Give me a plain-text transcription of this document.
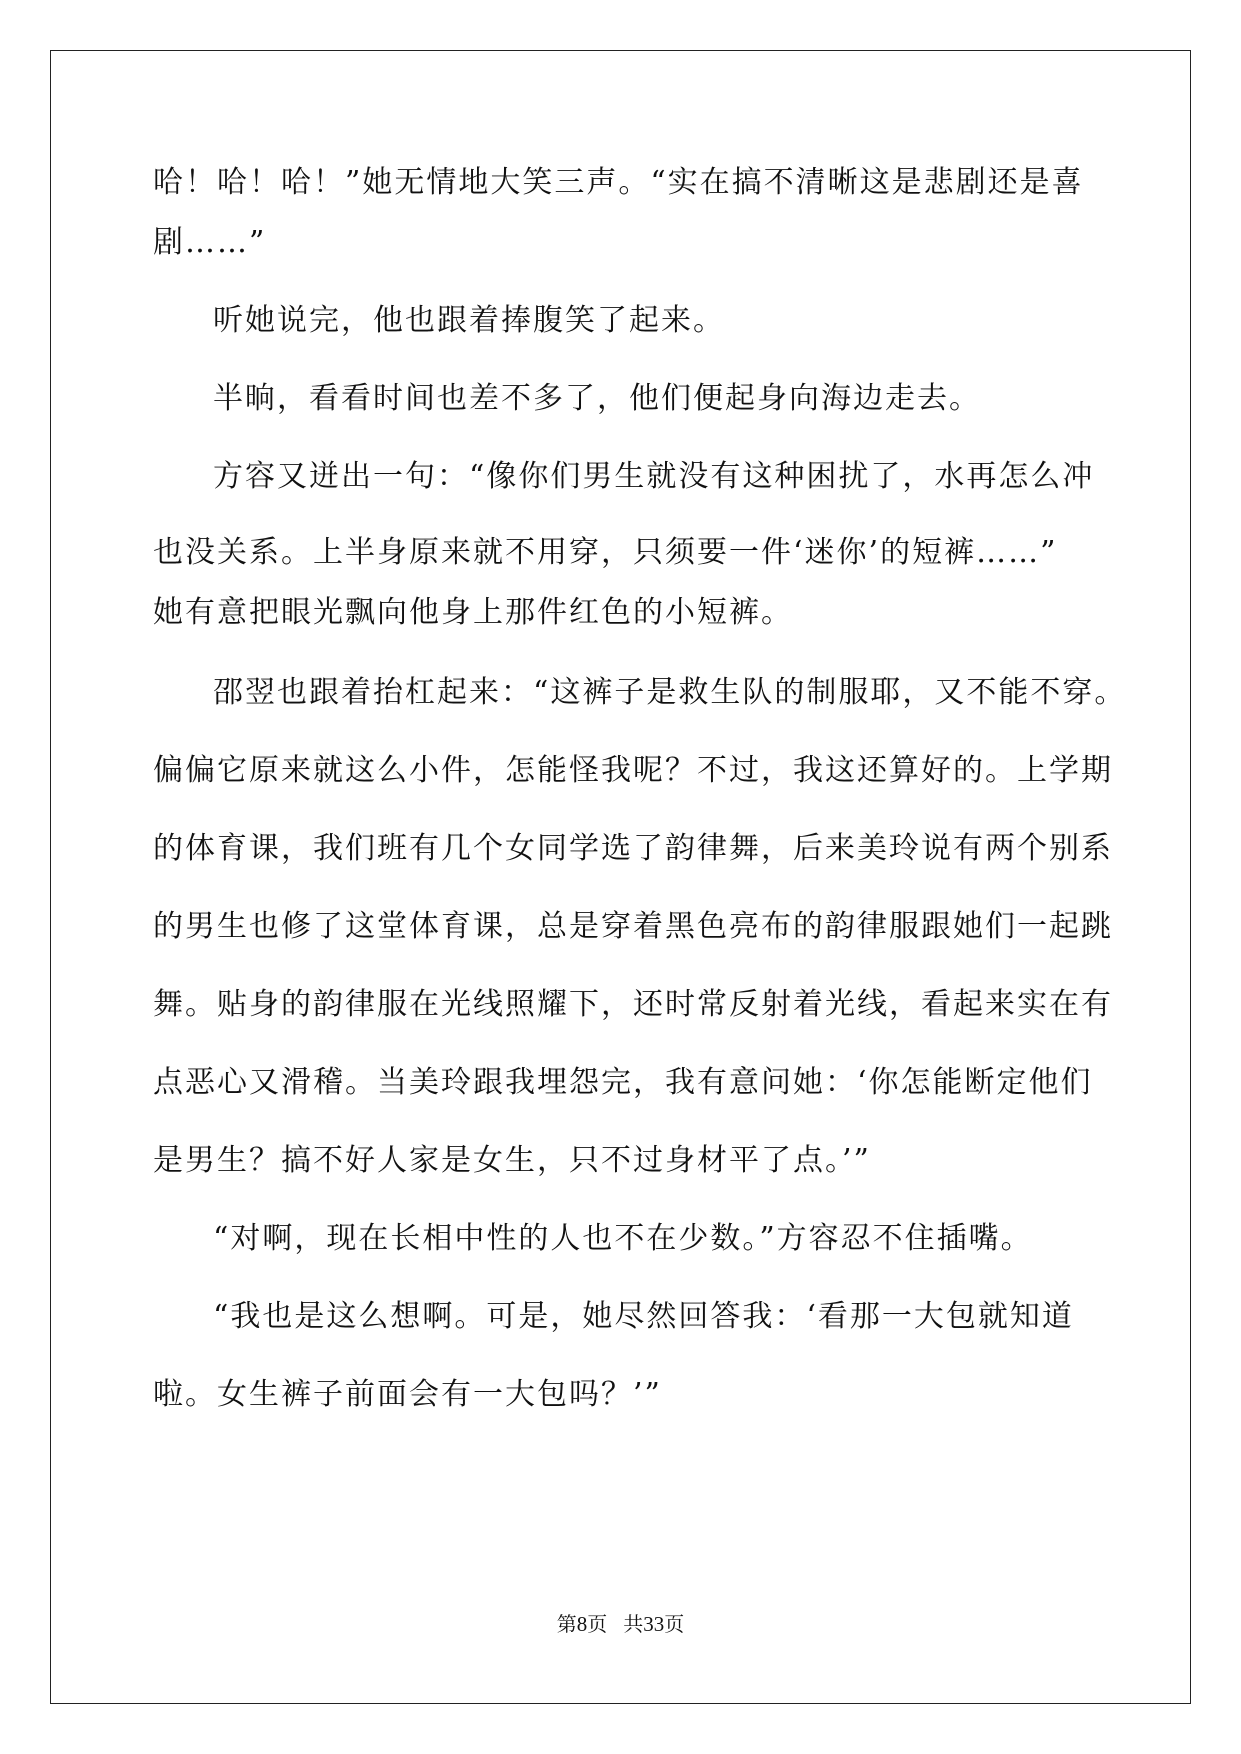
哈！哈！哈！”她无情地大笑三声。“实在搞不清晰这是悲剧还是喜
剧……”
听她说完，他也跟着捧腹笑了起来。
半晌，看看时间也差不多了，他们便起身向海边走去。
方容又迸出一句：“像你们男生就没有这种困扰了，水再怎么冲
也没关系。上半身原来就不用穿，只须要一件‘迷你’的短裤……”
她有意把眼光飘向他身上那件红色的小短裤。
邵翌也跟着抬杠起来：“这裤子是救生队的制服耶，又不能不穿。
偏偏它原来就这么小件，怎能怪我呢？不过，我这还算好的。上学期
的体育课，我们班有几个女同学选了韵律舞，后来美玲说有两个别系
的男生也修了这堂体育课，总是穿着黑色亮布的韵律服跟她们一起跳
舞。贴身的韵律服在光线照耀下，还时常反射着光线，看起来实在有
点恶心又滑稽。当美玲跟我埋怨完，我有意问她：‘你怎能断定他们
是男生？搞不好人家是女生，只不过身材平了点。’”
“对啊，现在长相中性的人也不在少数。”方容忍不住插嘴。
“我也是这么想啊。可是，她尽然回答我：‘看那一大包就知道
啦。女生裤子前面会有一大包吗？’”
第8页 共33页
